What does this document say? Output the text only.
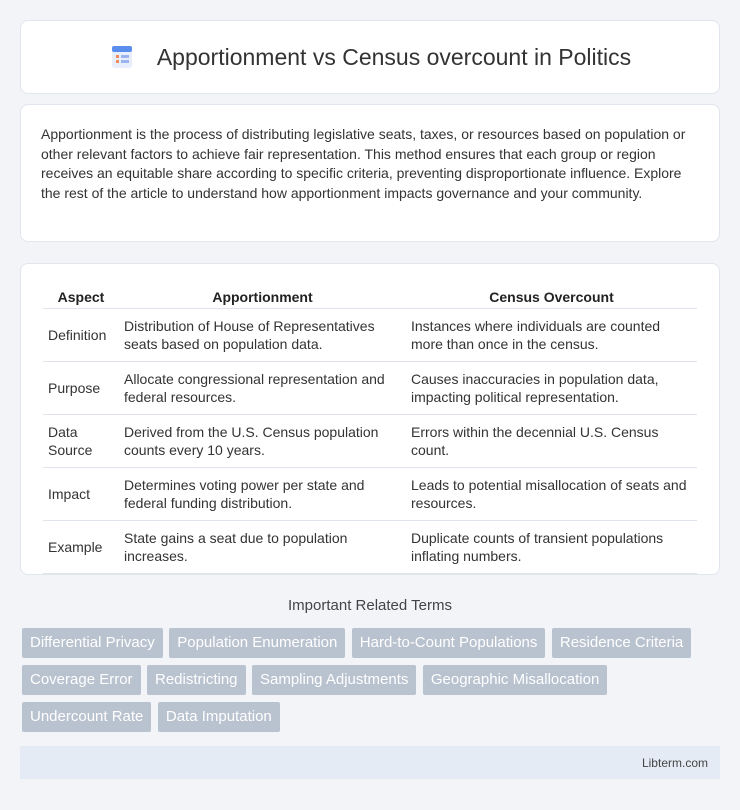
Apportionment vs Census overcount in Politics

Apportionment is the process of distributing legislative seats, taxes, or resources based on population or other relevant factors to achieve fair representation. This method ensures that each group or region receives an equitable share according to specific criteria, preventing disproportionate influence. Explore the rest of the article to understand how apportionment impacts governance and your community.

Aspect	Apportionment	Census Overcount
Definition	Distribution of House of Representatives seats based on population data.	Instances where individuals are counted more than once in the census.
Purpose	Allocate congressional representation and federal resources.	Causes inaccuracies in population data, impacting political representation.
Data Source	Derived from the U.S. Census population counts every 10 years.	Errors within the decennial U.S. Census count.
Impact	Determines voting power per state and federal funding distribution.	Leads to potential misallocation of seats and resources.
Example	State gains a seat due to population increases.	Duplicate counts of transient populations inflating numbers.
Important Related Terms
Differential Privacy Population Enumeration Hard-to-Count Populations Residence Criteria Coverage Error Redistricting Sampling Adjustments Geographic Misallocation Undercount Rate Data Imputation
Libterm.com
